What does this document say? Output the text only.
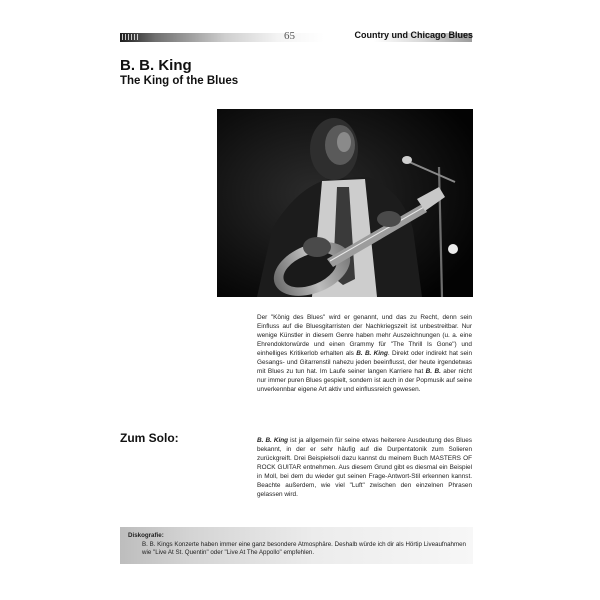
65	Country und Chicago Blues
B. B. King
The King of the Blues

Der "König des Blues" wird er genannt, und das zu Recht, denn sein Einfluss auf die Bluesgitarristen der Nachkriegszeit ist unbestreitbar. Nur wenige Künstler in diesem Genre haben mehr Auszeichnungen (u. a. eine Ehrendoktorwürde und einen Grammy für "The Thrill Is Gone") und einhelliges Kritikerlob erhalten als B. B. King. Direkt oder indirekt hat sein Gesangs- und Gitarrenstil nahezu jeden beeinflusst, der heute irgendetwas mit Blues zu tun hat. Im Laufe seiner langen Karriere hat B. B. aber nicht nur immer puren Blues gespielt, sondern ist auch in der Popmusik auf seine unverkennbar eigene Art aktiv und einflussreich gewesen.

Zum Solo:	B. B. King ist ja allgemein für seine etwas heiterere Ausdeutung des Blues bekannt, in der er sehr häufig auf die Durpentatonik zum Solieren zurückgreift. Drei Beispielsoli dazu kannst du meinem Buch MASTERS OF ROCK GUITAR entnehmen. Aus diesem Grund gibt es diesmal ein Beispiel in Moll, bei dem du wieder gut seinen Frage-Antwort-Stil erkennen kannst. Beachte außerdem, wie viel "Luft" zwischen den einzelnen Phrasen gelassen wird.

Diskografie:

B. B. Kings Konzerte haben immer eine ganz besondere Atmosphäre. Deshalb würde ich dir als Hörtip Liveaufnahmen wie "Live At St. Quentin" oder "Live At The Appollo" empfehlen.
